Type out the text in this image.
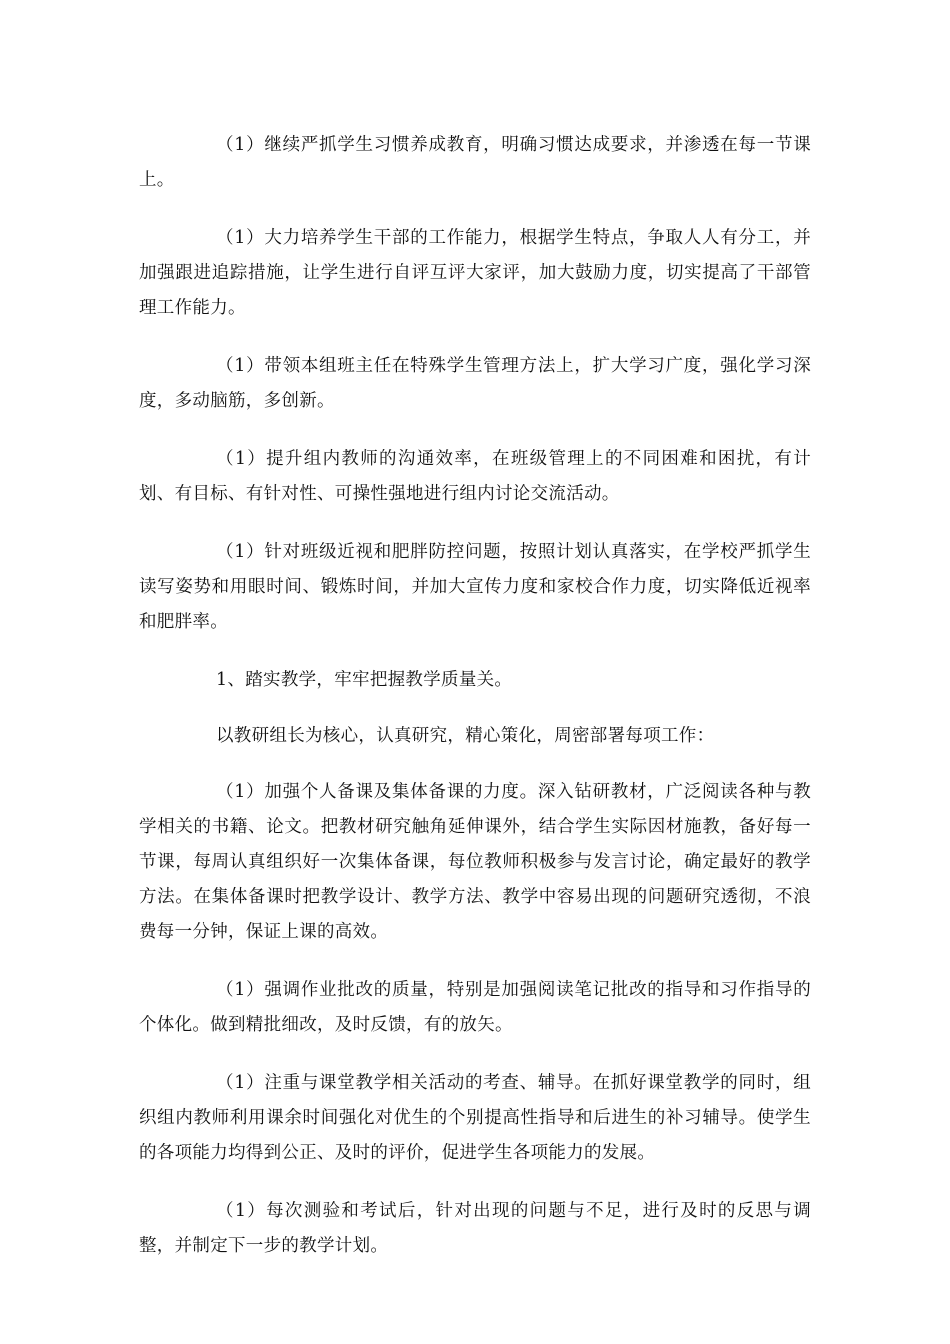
（1）继续严抓学生习惯养成教育，明确习惯达成要求，并渗透在每一节课上。

（1）大力培养学生干部的工作能力，根据学生特点，争取人人有分工，并加强跟进追踪措施，让学生进行自评互评大家评，加大鼓励力度，切实提高了干部管理工作能力。

（1）带领本组班主任在特殊学生管理方法上，扩大学习广度，强化学习深度，多动脑筋，多创新。

（1）提升组内教师的沟通效率，在班级管理上的不同困难和困扰，有计划、有目标、有针对性、可操性强地进行组内讨论交流活动。

（1）针对班级近视和肥胖防控问题，按照计划认真落实，在学校严抓学生读写姿势和用眼时间、锻炼时间，并加大宣传力度和家校合作力度，切实降低近视率和肥胖率。

1、踏实教学，牢牢把握教学质量关。

以教研组长为核心，认真研究，精心策化，周密部署每项工作：

（1）加强个人备课及集体备课的力度。深入钻研教材，广泛阅读各种与教学相关的书籍、论文。把教材研究触角延伸课外，结合学生实际因材施教，备好每一节课，每周认真组织好一次集体备课，每位教师积极参与发言讨论，确定最好的教学方法。在集体备课时把教学设计、教学方法、教学中容易出现的问题研究透彻，不浪费每一分钟，保证上课的高效。

（1）强调作业批改的质量，特别是加强阅读笔记批改的指导和习作指导的个体化。做到精批细改，及时反馈，有的放矢。

（1）注重与课堂教学相关活动的考查、辅导。在抓好课堂教学的同时，组织组内教师利用课余时间强化对优生的个别提高性指导和后进生的补习辅导。使学生的各项能力均得到公正、及时的评价，促进学生各项能力的发展。

（1）每次测验和考试后，针对出现的问题与不足，进行及时的反思与调整，并制定下一步的教学计划。
